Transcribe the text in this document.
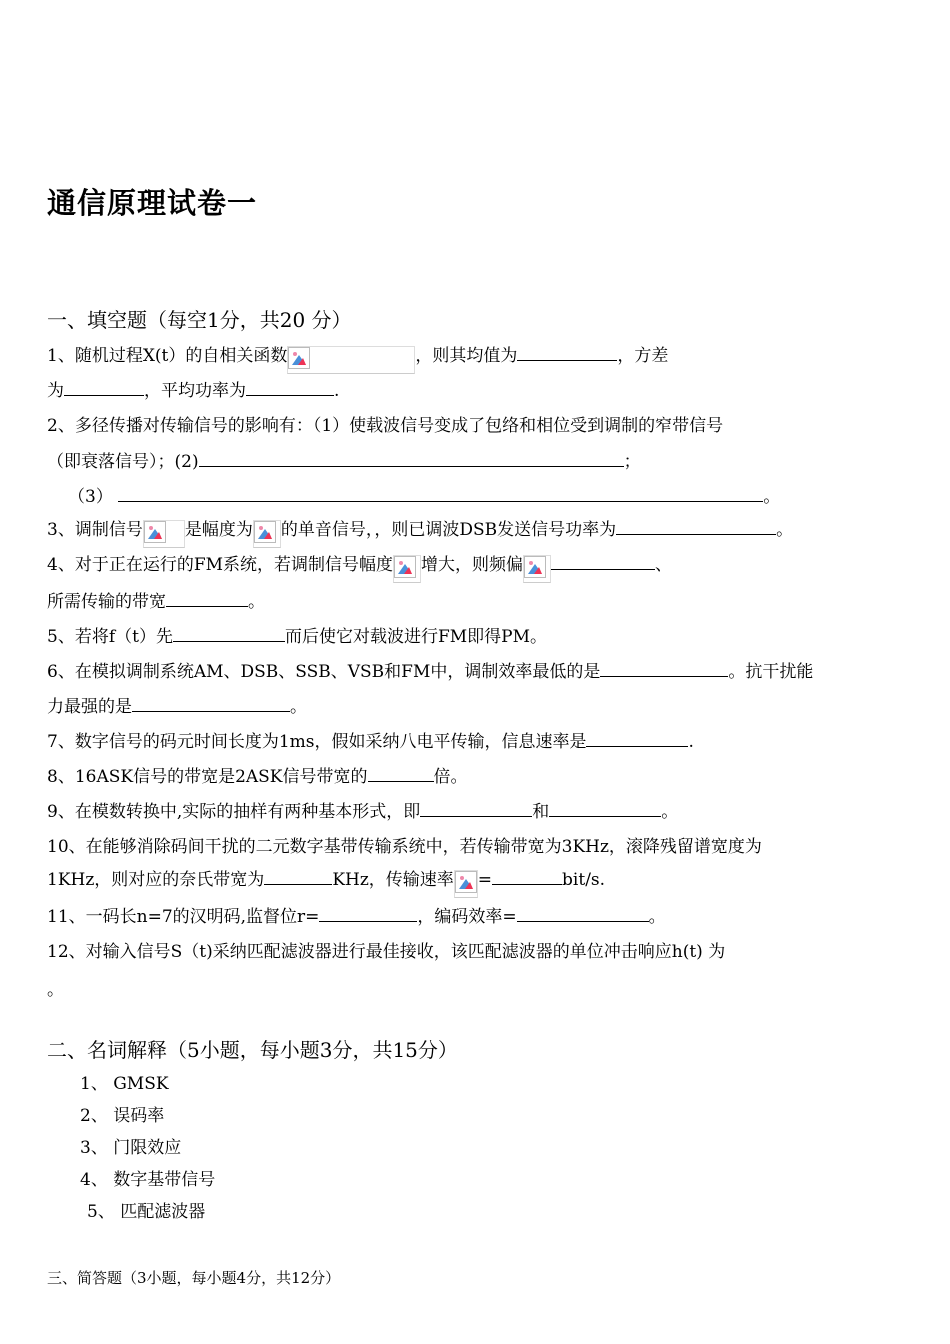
通信原理试卷一
一、填空题（每空1分，共20 分）
1、随机过程X(t）的自相关函数	，则其均值为	，方差
为	，平均功率为	.
2、多径传播对传输信号的影响有：（1）使载波信号变成了包络和相位受到调制的窄带信号
（即衰落信号）；(2)	；
（3）	。
3、调制信号 是幅度为 的单音信号，，则已调波DSB发送信号功率为	。
4、对于正在运行的FM系统，若调制信号幅度 增大，则频偏	、
所需传输的带宽	。
5、若将f（t）先	而后使它对载波进行FM即得PM。
6、在模拟调制系统AM、DSB、SSB、VSB和FM中，调制效率最低的是	。抗干扰能
力最强的是	。
7、数字信号的码元时间长度为1ms，假如采纳八电平传输，信息速率是	.
8、16ASK信号的带宽是2ASK信号带宽的	倍。
9、在模数转换中,实际的抽样有两种基本形式，即	和	。
10、在能够消除码间干扰的二元数字基带传输系统中，若传输带宽为3KHz，滚降残留谱宽度为
1KHz，则对应的奈氏带宽为	KHz，传输速率 =	bit/s.
11、一码长n=7的汉明码,监督位r=	，编码效率=	。
12、对输入信号S（t)采纳匹配滤波器进行最佳接收，该匹配滤波器的单位冲击响应h(t) 为
。
二、名词解释（5小题，每小题3分，共15分）
1、 GMSK
2、 误码率
3、 门限效应
4、 数字基带信号
5、 匹配滤波器
三、简答题（3小题，每小题4分，共12分）
